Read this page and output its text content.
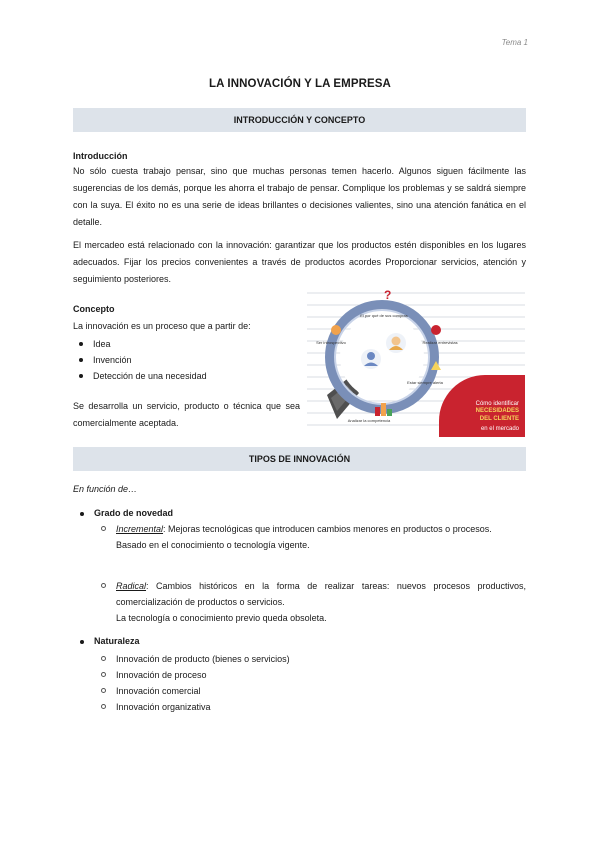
Tema 1
LA INNOVACIÓN Y LA EMPRESA
INTRODUCCIÓN Y CONCEPTO
Introducción

No sólo cuesta trabajo pensar, sino que muchas personas temen hacerlo. Algunos siguen fácilmente las sugerencias de los demás, porque les ahorra el trabajo de pensar. Complique los problemas y se saldrá siempre con la suya. El éxito no es una serie de ideas brillantes o decisiones valientes, sino una atención fanática en el detalle.

El mercadeo está relacionado con la innovación: garantizar que los productos estén disponibles en los lugares adecuados. Fijar los precios convenientes a través de productos acordes Proporcionar servicios, atención y seguimiento posteriores.

Concepto
La innovación es un proceso que a partir de:
Idea
Invención
Detección de una necesidad

Se desarrolla un servicio, producto o técnica que sea comercialmente aceptada.

?
El por qué de sus compras
Ser introspectivo	Realizar entrevistas
Estar siempre alerta
Analizar la competencia
Cómo identificar
NECESIDADES
DEL CLIENTE
en el mercado
TIPOS DE INNOVACIÓN
En función de…
Grado de novedad
Incremental: Mejoras tecnológicas que introducen cambios menores en productos o procesos.
Basado en el conocimiento o tecnología vigente.
Radical: Cambios históricos en la forma de realizar tareas: nuevos procesos productivos, comercialización de productos o servicios.
La tecnología o conocimiento previo queda obsoleta.
Naturaleza
Innovación de producto (bienes o servicios)
Innovación de proceso
Innovación comercial
Innovación organizativa
